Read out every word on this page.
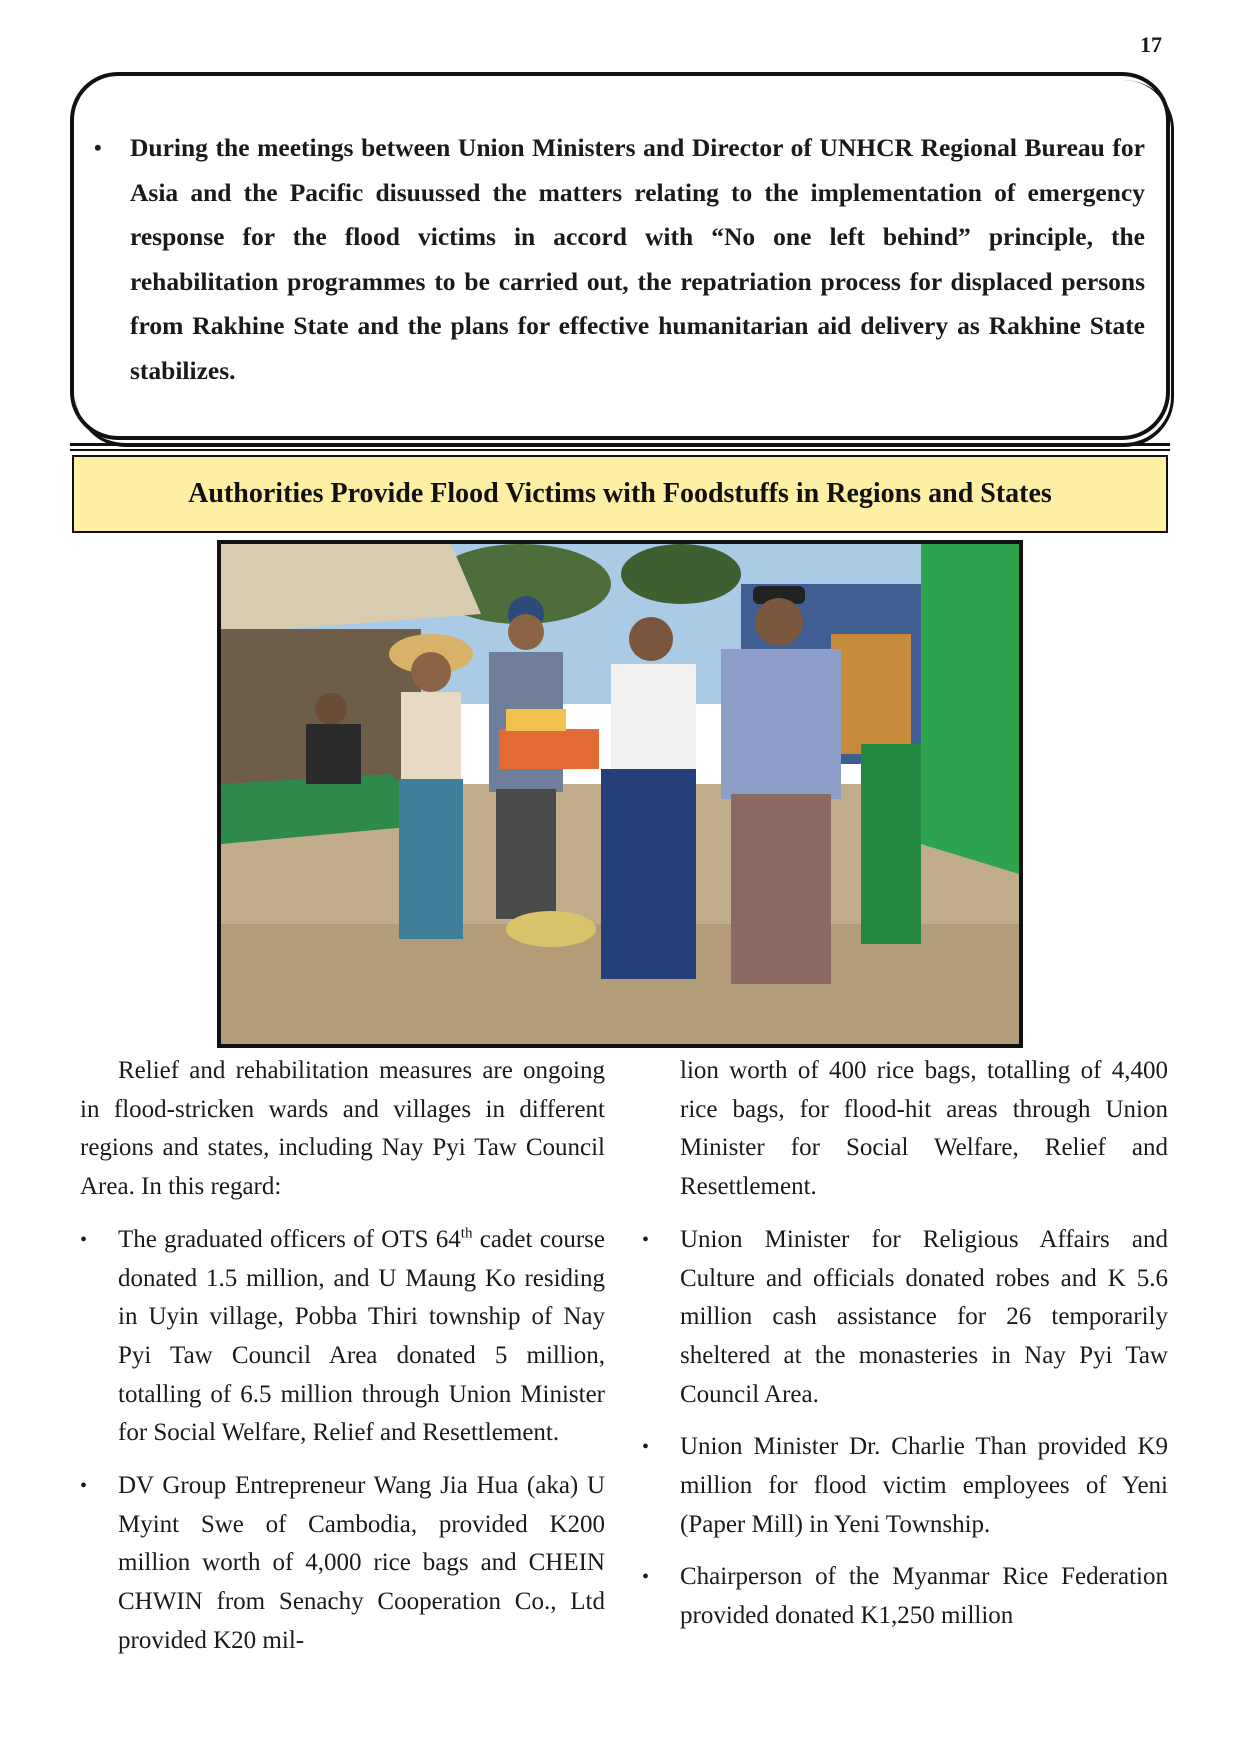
17
• During the meetings between Union Ministers and Director of UNHCR Regional Bureau for Asia and the Pacific disuussed the matters relating to the implementation of emergency response for the flood victims in accord with “No one left behind” principle, the rehabilitation programmes to be carried out, the repatriation process for displaced persons from Rakhine State and the plans for effective humanitarian aid delivery as Rakhine State stabilizes.
Authorities Provide Flood Victims with Foodstuffs in Regions and States

Relief and rehabilitation measures are ongoing in flood-stricken wards and villages in different regions and states, including Nay Pyi Taw Council Area. In this regard:

• The graduated officers of OTS 64th cadet course donated 1.5 million, and U Maung Ko residing in Uyin village, Pobba Thiri township of Nay Pyi Taw Council Area donated 5 million, totalling of 6.5 million through Union Minister for Social Welfare, Relief and Resettlement.
• DV Group Entrepreneur Wang Jia Hua (aka) U Myint Swe of Cambodia, provided K200 million worth of 4,000 rice bags and CHEIN CHWIN from Senachy Cooperation Co., Ltd provided K20 mil-

lion worth of 400 rice bags, totalling of 4,400 rice bags, for flood-hit areas through Union Minister for Social Welfare, Relief and Resettlement.

• Union Minister for Religious Affairs and Culture and officials donated robes and K 5.6 million cash assistance for 26 temporarily sheltered at the monasteries in Nay Pyi Taw Council Area.
• Union Minister Dr. Charlie Than provided K9 million for flood victim employees of Yeni (Paper Mill) in Yeni Township.
• Chairperson of the Myanmar Rice Federation provided donated K1,250 million
